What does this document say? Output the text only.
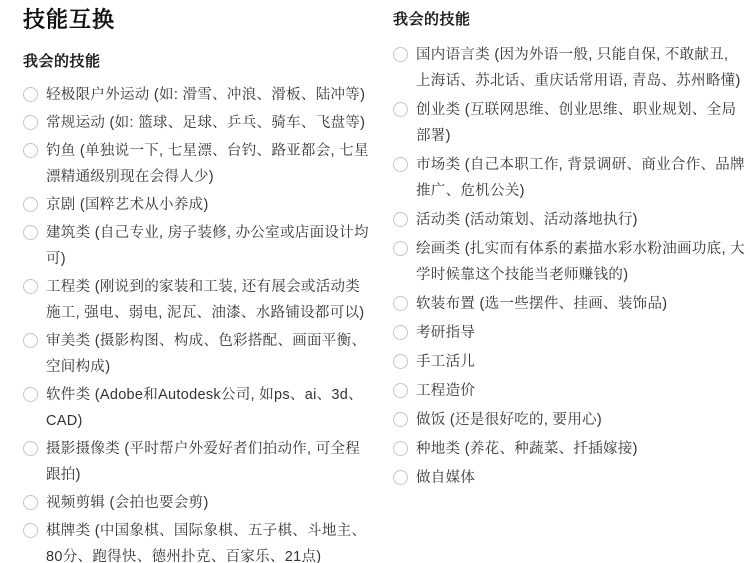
技能互换
我会的技能
轻极限户外运动 (如: 滑雪、冲浪、滑板、陆冲等)
常规运动 (如: 篮球、足球、乒乓、骑车、飞盘等)
钓鱼 (单独说一下, 七星漂、台钓、路亚都会, 七星漂精通级别现在会得人少)
京剧 (国粹艺术从小养成)
建筑类 (自己专业, 房子装修, 办公室或店面设计均可)
工程类 (刚说到的家装和工装, 还有展会或活动类施工, 强电、弱电, 泥瓦、油漆、水路铺设都可以)
审美类 (摄影构图、构成、色彩搭配、画面平衡、空间构成)
软件类 (Adobe和Autodesk公司, 如ps、ai、3d、CAD)
摄影摄像类 (平时帮户外爱好者们拍动作, 可全程跟拍)
视频剪辑 (会拍也要会剪)
棋牌类 (中国象棋、国际象棋、五子棋、斗地主、80分、跑得快、德州扑克、百家乐、21点)
我会的技能
国内语言类 (因为外语一般, 只能自保, 不敢献丑, 上海话、苏北话、重庆话常用语, 青岛、苏州略懂)
创业类 (互联网思维、创业思维、职业规划、全局部署)
市场类 (自己本职工作, 背景调研、商业合作、品牌推广、危机公关)
活动类 (活动策划、活动落地执行)
绘画类 (扎实而有体系的素描水彩水粉油画功底, 大学时候靠这个技能当老师赚钱的)
软装布置 (选一些摆件、挂画、装饰品)
考研指导
手工活儿
工程造价
做饭 (还是很好吃的, 要用心)
种地类 (养花、种蔬菜、扦插嫁接)
做自媒体
